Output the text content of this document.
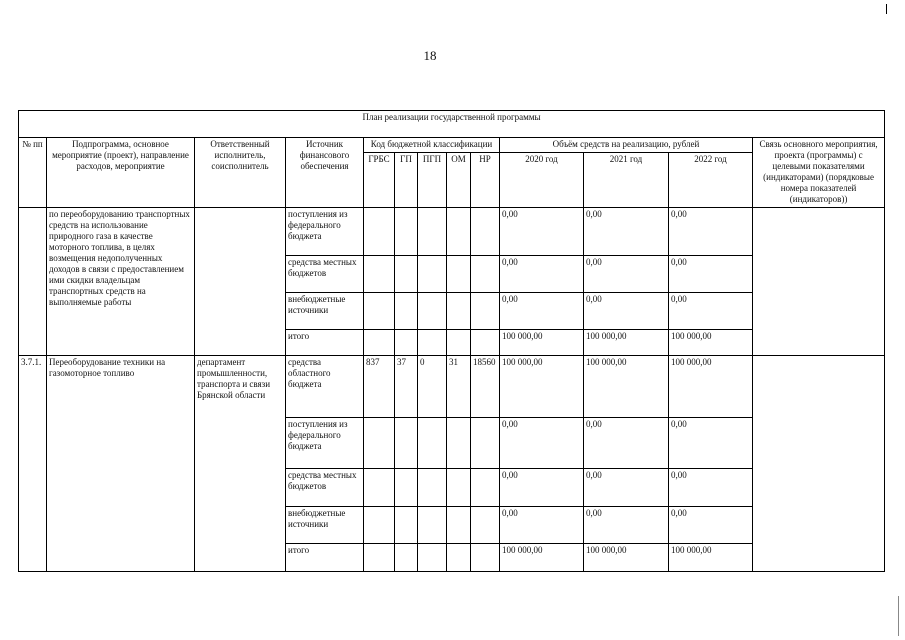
18
План реализации государственной программы												
№ пп	Подпрограмма, основное мероприятие (проект), направление расходов, мероприятие	Ответственный исполнитель, соисполнитель	Источник финансового обеспечения	Код бюджетной классификации					Объём средств на реализацию, рублей			Связь основного мероприятия, проекта (программы) с целевыми показателями (индикаторами) (порядковые номера показателей (индикаторов))
				ГРБС	ГП	ПГП	ОМ	НР	2020 год	2021 год	2022 год	
	по переоборудованию транспортных средств на использование природного газа в качестве моторного топлива, в целях возмещения недополученных доходов в связи с предоставлением ими скидки владельцам транспортных средств на выполняемые работы		поступления из федерального бюджета						0,00	0,00	0,00	
			средства местных бюджетов						0,00	0,00	0,00	
			внебюджетные источники						0,00	0,00	0,00	
			итого						100 000,00	100 000,00	100 000,00	
3.7.1.	Переоборудование техники на газомоторное топливо	департамент промышленности, транспорта и связи Брянской области	средства областного бюджета	837	37	0	31	18560	100 000,00	100 000,00	100 000,00	
			поступления из федерального бюджета						0,00	0,00	0,00	
			средства местных бюджетов						0,00	0,00	0,00	
			внебюджетные источники						0,00	0,00	0,00	
			итого						100 000,00	100 000,00	100 000,00	
